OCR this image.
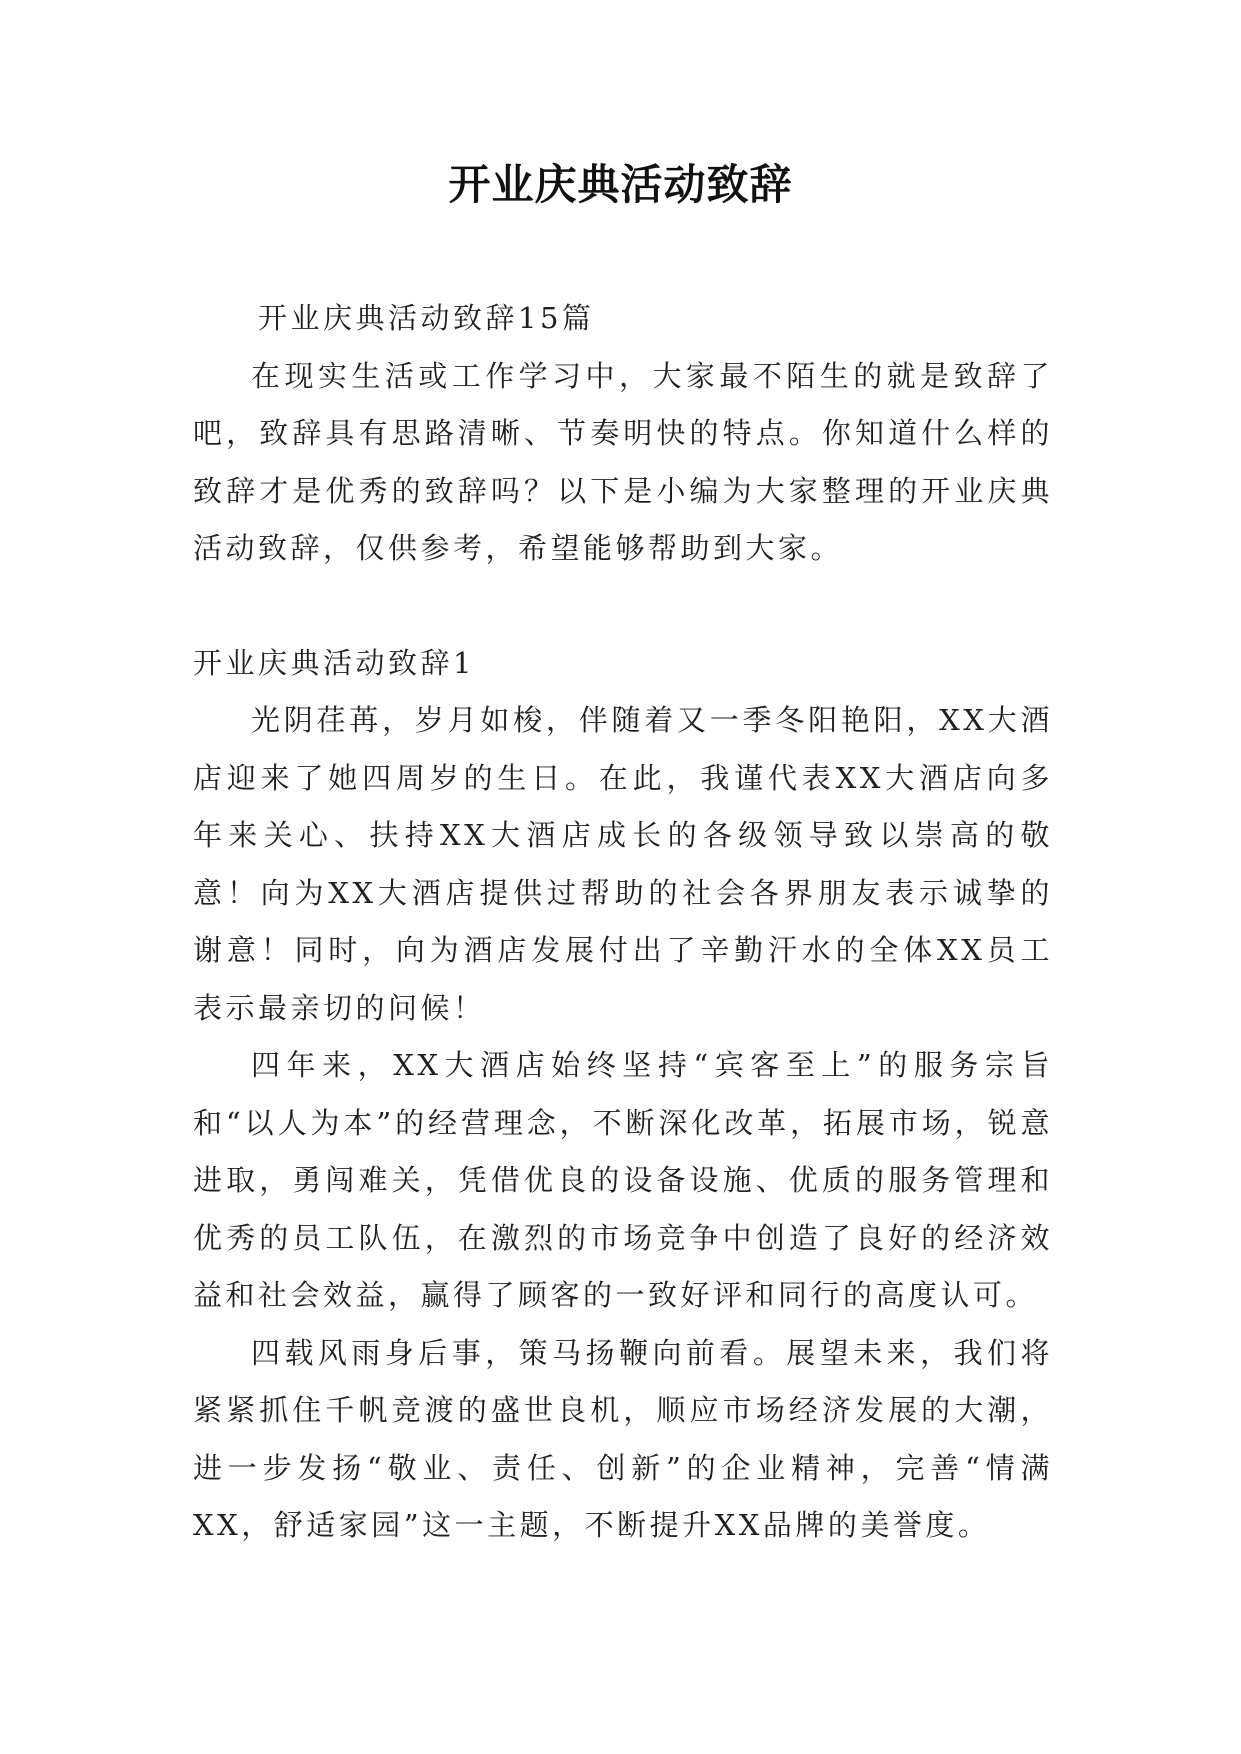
开业庆典活动致辞

开业庆典活动致辞15篇

在现实生活或工作学习中，大家最不陌生的就是致辞了吧，致辞具有思路清晰、节奏明快的特点。你知道什么样的致辞才是优秀的致辞吗？以下是小编为大家整理的开业庆典活动致辞，仅供参考，希望能够帮助到大家。

开业庆典活动致辞1

光阴荏苒，岁月如梭，伴随着又一季冬阳艳阳，XX大酒店迎来了她四周岁的生日。在此，我谨代表XX大酒店向多年来关心、扶持XX大酒店成长的各级领导致以崇高的敬意！向为XX大酒店提供过帮助的社会各界朋友表示诚挚的谢意！同时，向为酒店发展付出了辛勤汗水的全体XX员工表示最亲切的问候！

四年来，XX大酒店始终坚持“宾客至上”的服务宗旨和“以人为本”的经营理念，不断深化改革，拓展市场，锐意进取，勇闯难关，凭借优良的设备设施、优质的服务管理和优秀的员工队伍，在激烈的市场竞争中创造了良好的经济效益和社会效益，赢得了顾客的一致好评和同行的高度认可。

四载风雨身后事，策马扬鞭向前看。展望未来，我们将紧紧抓住千帆竞渡的盛世良机，顺应市场经济发展的大潮，进一步发扬“敬业、责任、创新”的企业精神，完善“情满XX，舒适家园”这一主题，不断提升XX品牌的美誉度。
